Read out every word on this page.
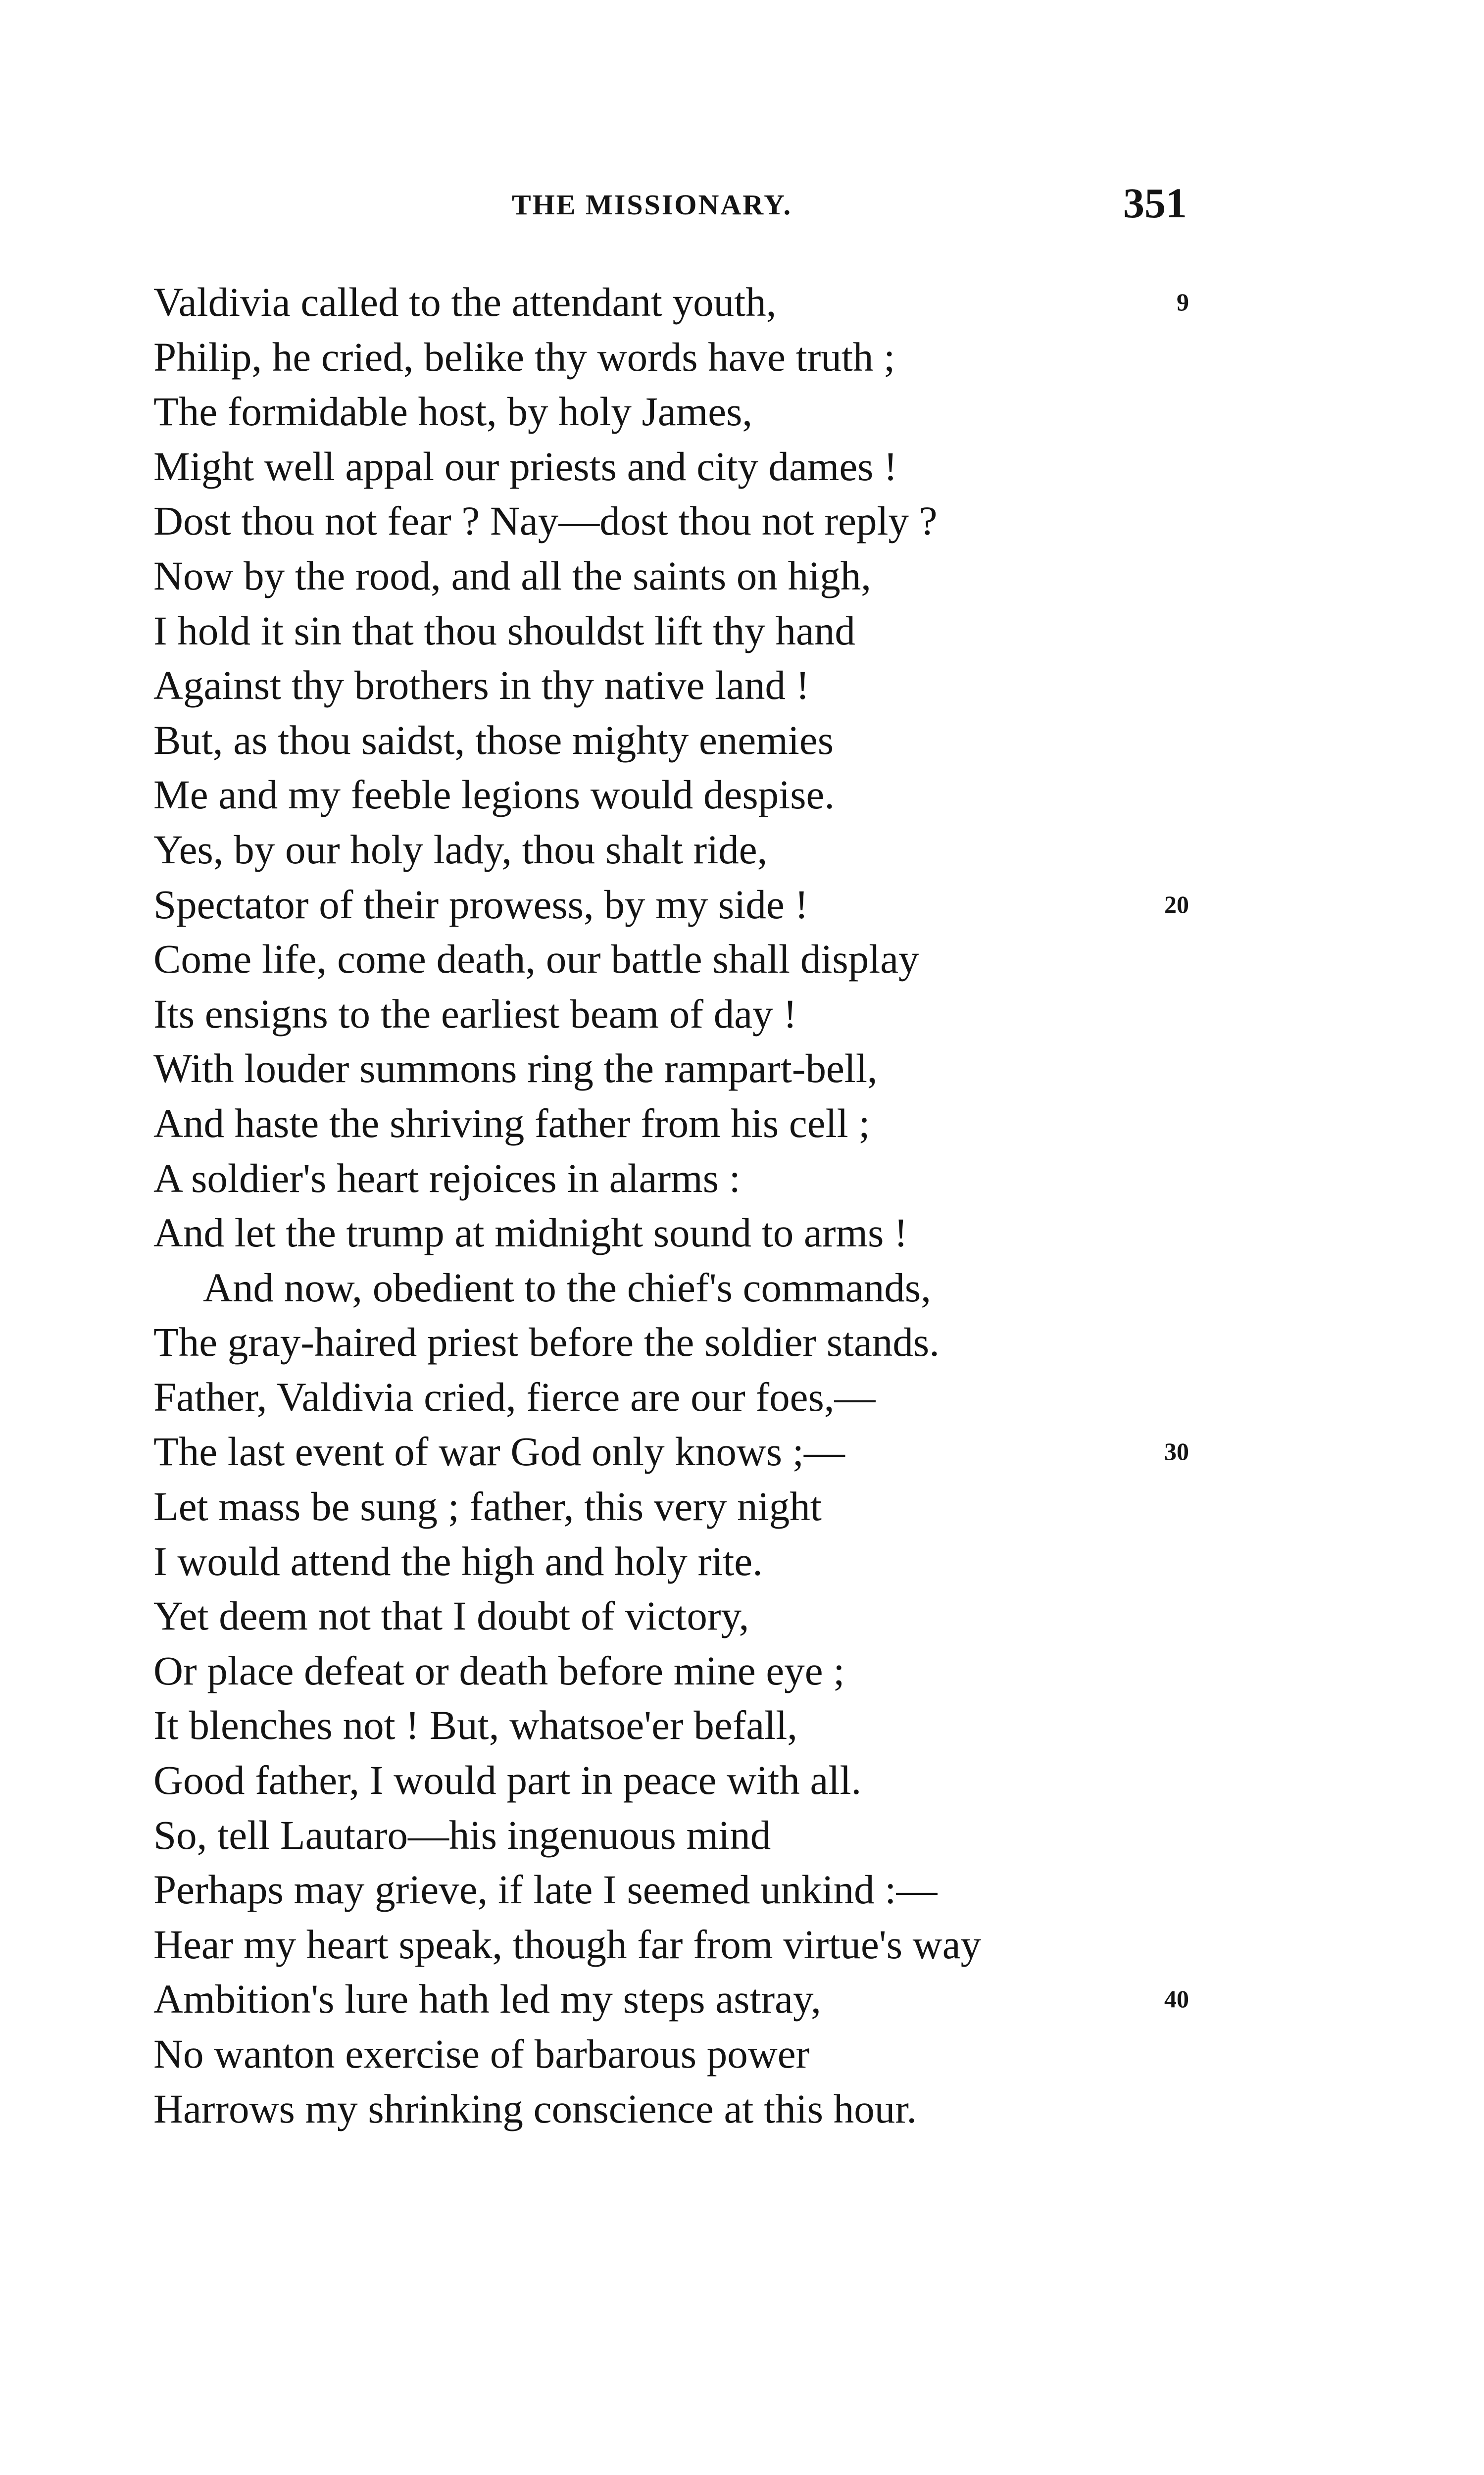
THE MISSIONARY.	351
Valdivia called to the attendant youth,	9
Philip, he cried, belike thy words have truth ;
The formidable host, by holy James,
Might well appal our priests and city dames !
Dost thou not fear ? Nay—dost thou not reply ?
Now by the rood, and all the saints on high,
I hold it sin that thou shouldst lift thy hand
Against thy brothers in thy native land !
But, as thou saidst, those mighty enemies
Me and my feeble legions would despise.
Yes, by our holy lady, thou shalt ride,
Spectator of their prowess, by my side !	20
Come life, come death, our battle shall display
Its ensigns to the earliest beam of day !
With louder summons ring the rampart-bell,
And haste the shriving father from his cell ;
A soldier's heart rejoices in alarms :
And let the trump at midnight sound to arms !
And now, obedient to the chief's commands,
The gray-haired priest before the soldier stands.
Father, Valdivia cried, fierce are our foes,—
The last event of war God only knows ;—	30
Let mass be sung ; father, this very night
I would attend the high and holy rite.
Yet deem not that I doubt of victory,
Or place defeat or death before mine eye ;
It blenches not ! But, whatsoe'er befall,
Good father, I would part in peace with all.
So, tell Lautaro—his ingenuous mind
Perhaps may grieve, if late I seemed unkind :—
Hear my heart speak, though far from virtue's way
Ambition's lure hath led my steps astray,	40
No wanton exercise of barbarous power
Harrows my shrinking conscience at this hour.
